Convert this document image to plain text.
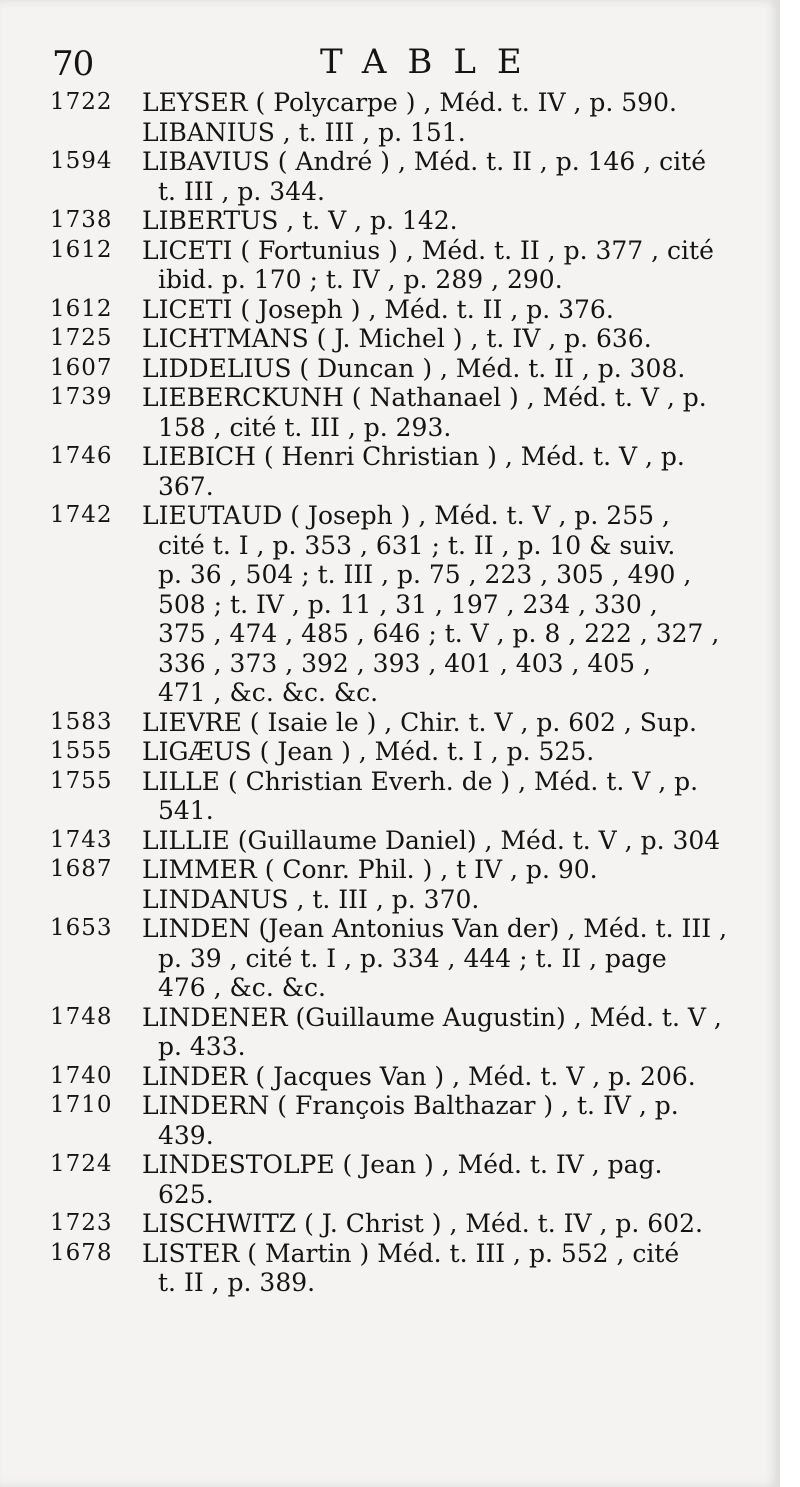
70	TABLE
1722	LEYSER ( Polycarpe ) , Méd. t. IV , p. 590.
LIBANIUS , t. III , p. 151.
1594	LIBAVIUS ( André ) , Méd. t. II , p. 146 , cité
t. III , p. 344.
1738	LIBERTUS , t. V , p. 142.
1612	LICETI ( Fortunius ) , Méd. t. II , p. 377 , cité
ibid. p. 170 ; t. IV , p. 289 , 290.
1612	LICETI ( Joseph ) , Méd. t. II , p. 376.
1725	LICHTMANS ( J. Michel ) , t. IV , p. 636.
1607	LIDDELIUS ( Duncan ) , Méd. t. II , p. 308.
1739	LIEBERCKUNH ( Nathanael ) , Méd. t. V , p.
158 , cité t. III , p. 293.
1746	LIEBICH ( Henri Christian ) , Méd. t. V , p.
367.
1742	LIEUTAUD ( Joseph ) , Méd. t. V , p. 255 ,
cité t. I , p. 353 , 631 ; t. II , p. 10 & suiv.
p. 36 , 504 ; t. III , p. 75 , 223 , 305 , 490 ,
508 ; t. IV , p. 11 , 31 , 197 , 234 , 330 ,
375 , 474 , 485 , 646 ; t. V , p. 8 , 222 , 327 ,
336 , 373 , 392 , 393 , 401 , 403 , 405 ,
471 , &c. &c. &c.
1583	LIEVRE ( Isaie le ) , Chir. t. V , p. 602 , Sup.
1555	LIGÆUS ( Jean ) , Méd. t. I , p. 525.
1755	LILLE ( Christian Everh. de ) , Méd. t. V , p.
541.
1743	LILLIE (Guillaume Daniel) , Méd. t. V , p. 304
1687	LIMMER ( Conr. Phil. ) , t IV , p. 90.
LINDANUS , t. III , p. 370.
1653	LINDEN (Jean Antonius Van der) , Méd. t. III ,
p. 39 , cité t. I , p. 334 , 444 ; t. II , page
476 , &c. &c.
1748	LINDENER (Guillaume Augustin) , Méd. t. V ,
p. 433.
1740	LINDER ( Jacques Van ) , Méd. t. V , p. 206.
1710	LINDERN ( François Balthazar ) , t. IV , p.
439.
1724	LINDESTOLPE ( Jean ) , Méd. t. IV , pag.
625.
1723	LISCHWITZ ( J. Christ ) , Méd. t. IV , p. 602.
1678	LISTER ( Martin ) Méd. t. III , p. 552 , cité
t. II , p. 389.
